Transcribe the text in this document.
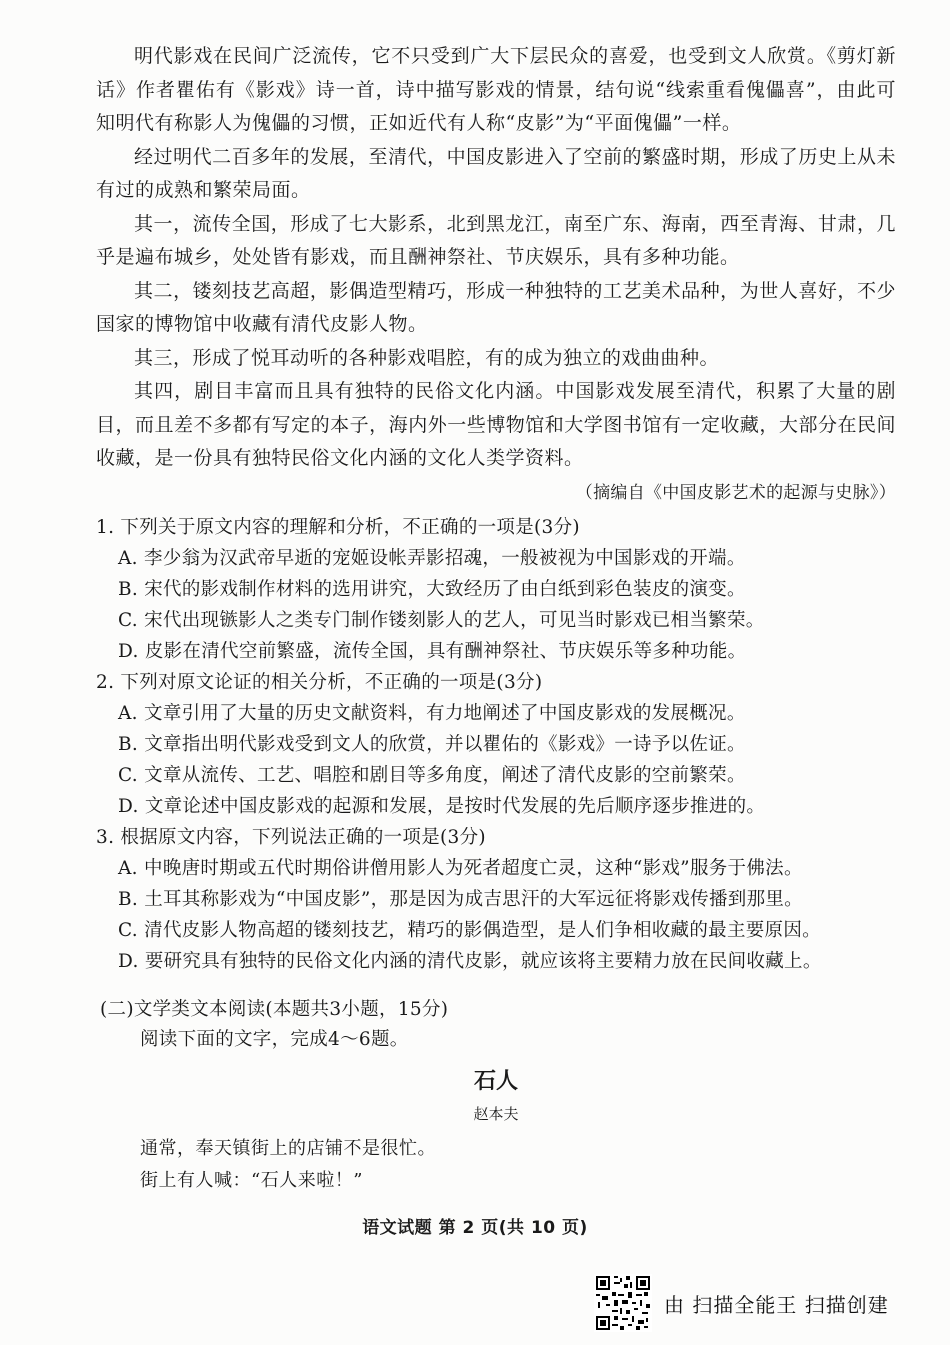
明代影戏在民间广泛流传，它不只受到广大下层民众的喜爱，也受到文人欣赏。《剪灯新话》作者瞿佑有《影戏》诗一首，诗中描写影戏的情景，结句说“线索重看傀儡喜”，由此可知明代有称影人为傀儡的习惯，正如近代有人称“皮影”为“平面傀儡”一样。

经过明代二百多年的发展，至清代，中国皮影进入了空前的繁盛时期，形成了历史上从未有过的成熟和繁荣局面。

其一，流传全国，形成了七大影系，北到黑龙江，南至广东、海南，西至青海、甘肃，几乎是遍布城乡，处处皆有影戏，而且酬神祭社、节庆娱乐，具有多种功能。

其二，镂刻技艺高超，影偶造型精巧，形成一种独特的工艺美术品种，为世人喜好，不少国家的博物馆中收藏有清代皮影人物。

其三，形成了悦耳动听的各种影戏唱腔，有的成为独立的戏曲曲种。

其四，剧目丰富而且具有独特的民俗文化内涵。中国影戏发展至清代，积累了大量的剧目，而且差不多都有写定的本子，海内外一些博物馆和大学图书馆有一定收藏，大部分在民间收藏，是一份具有独特民俗文化内涵的文化人类学资料。

（摘编自《中国皮影艺术的起源与史脉》）

1. 下列关于原文内容的理解和分析，不正确的一项是(3分)

A. 李少翁为汉武帝早逝的宠姬设帐弄影招魂，一般被视为中国影戏的开端。

B. 宋代的影戏制作材料的选用讲究，大致经历了由白纸到彩色装皮的演变。

C. 宋代出现镞影人之类专门制作镂刻影人的艺人，可见当时影戏已相当繁荣。

D. 皮影在清代空前繁盛，流传全国，具有酬神祭社、节庆娱乐等多种功能。

2. 下列对原文论证的相关分析，不正确的一项是(3分)

A. 文章引用了大量的历史文献资料，有力地阐述了中国皮影戏的发展概况。

B. 文章指出明代影戏受到文人的欣赏，并以瞿佑的《影戏》一诗予以佐证。

C. 文章从流传、工艺、唱腔和剧目等多角度，阐述了清代皮影的空前繁荣。

D. 文章论述中国皮影戏的起源和发展，是按时代发展的先后顺序逐步推进的。

3. 根据原文内容，下列说法正确的一项是(3分)

A. 中晚唐时期或五代时期俗讲僧用影人为死者超度亡灵，这种“影戏”服务于佛法。

B. 土耳其称影戏为“中国皮影”，那是因为成吉思汗的大军远征将影戏传播到那里。

C. 清代皮影人物高超的镂刻技艺，精巧的影偶造型，是人们争相收藏的最主要原因。

D. 要研究具有独特的民俗文化内涵的清代皮影，就应该将主要精力放在民间收藏上。

(二)文学类文本阅读(本题共3小题，15分)

阅读下面的文字，完成4～6题。

石人

赵本夫

通常，奉天镇街上的店铺不是很忙。

街上有人喊：“石人来啦！”

语文试题 第 2 页(共 10 页)
由 扫描全能王 扫描创建
